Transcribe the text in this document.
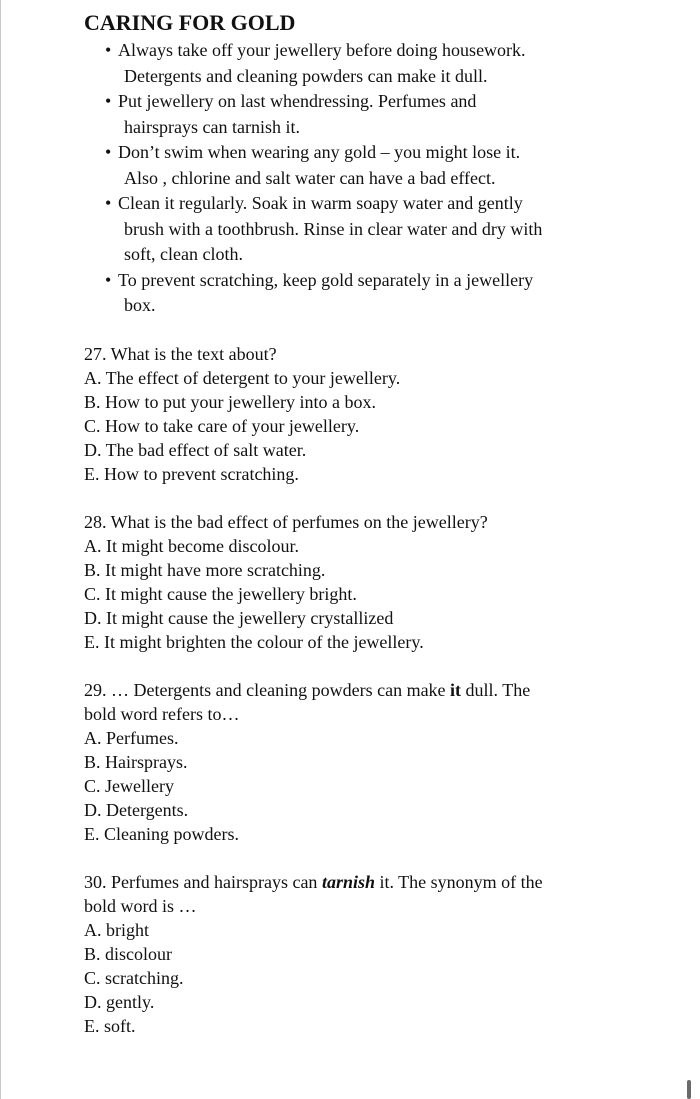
CARING FOR GOLD
• Always take off your jewellery before doing housework.
Detergents and cleaning powders can make it dull.
• Put jewellery on last whendressing. Perfumes and
hairsprays can tarnish it.
• Don’t swim when wearing any gold – you might lose it.
Also , chlorine and salt water can have a bad effect.
• Clean it regularly. Soak in warm soapy water and gently
brush with a toothbrush. Rinse in clear water and dry with
soft, clean cloth.
• To prevent scratching, keep gold separately in a jewellery
box.
27. What is the text about?
A. The effect of detergent to your jewellery.
B. How to put your jewellery into a box.
C. How to take care of your jewellery.
D. The bad effect of salt water.
E. How to prevent scratching.
28. What is the bad effect of perfumes on the jewellery?
A. It might become discolour.
B. It might have more scratching.
C. It might cause the jewellery bright.
D. It might cause the jewellery crystallized
E. It might brighten the colour of the jewellery.
29. … Detergents and cleaning powders can make it dull. The
bold word refers to…
A. Perfumes.
B. Hairsprays.
C. Jewellery
D. Detergents.
E. Cleaning powders.
30. Perfumes and hairsprays can tarnish it. The synonym of the
bold word is …
A. bright
B. discolour
C. scratching.
D. gently.
E. soft.
